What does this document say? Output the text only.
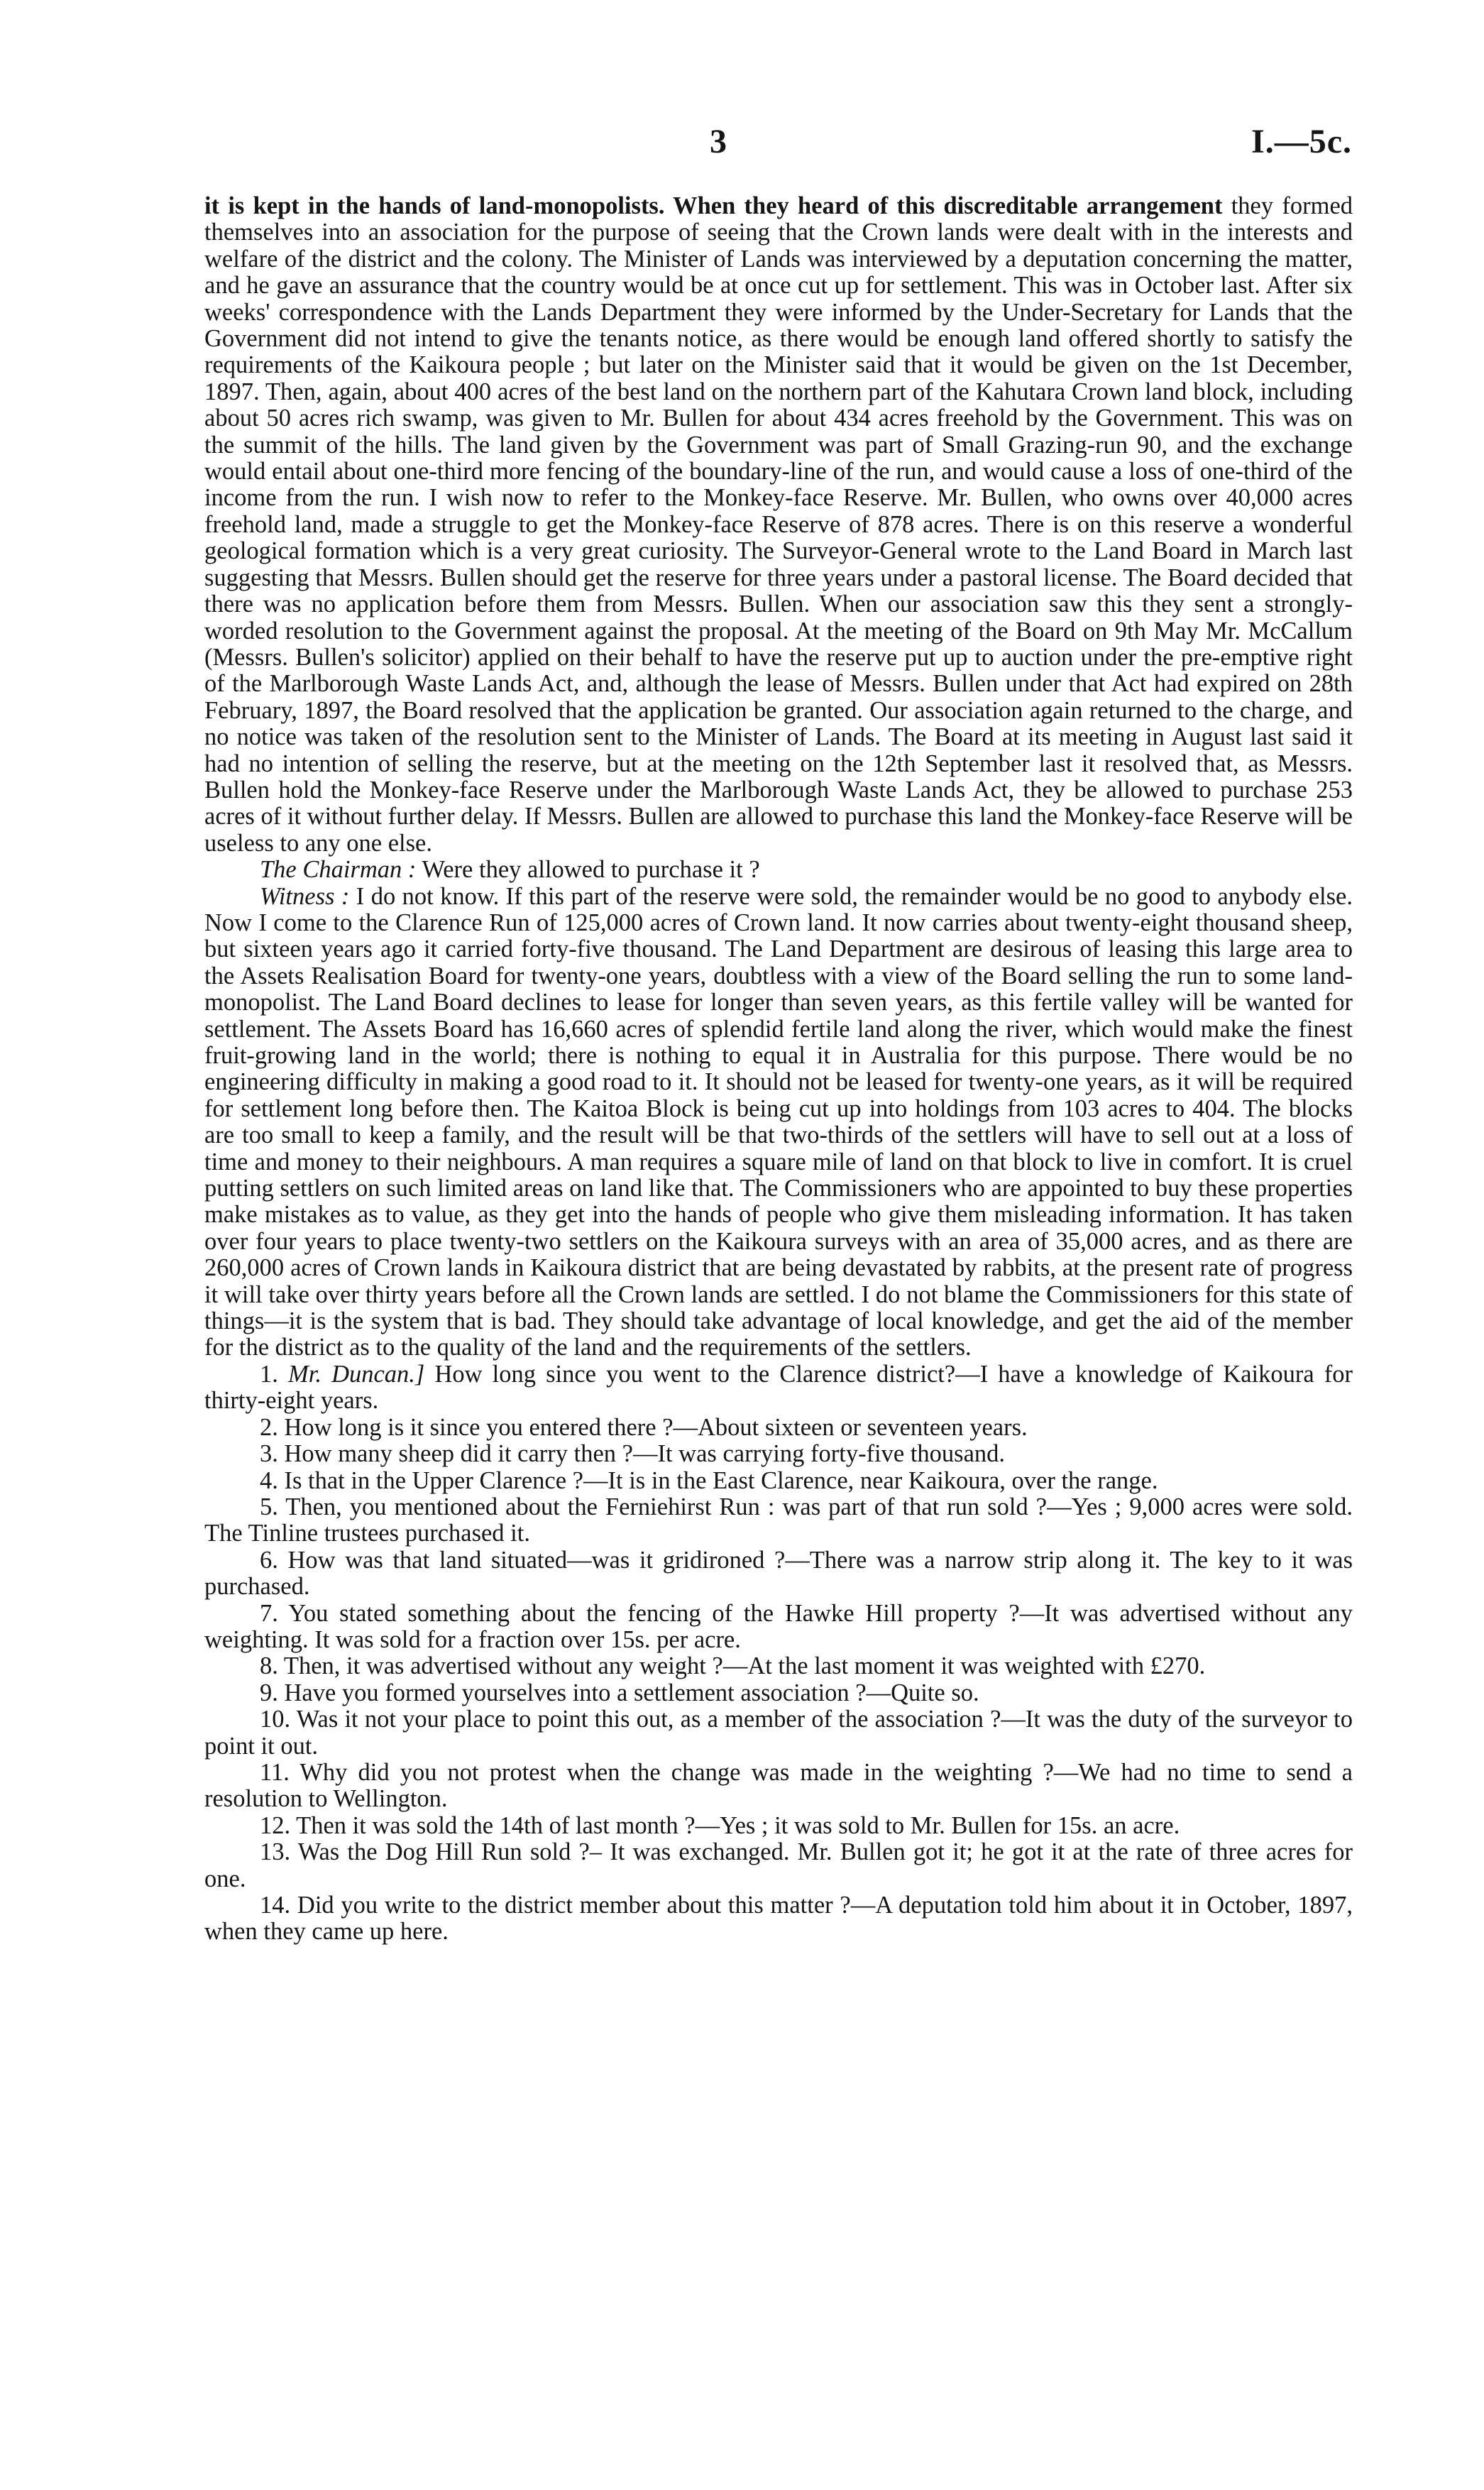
3	I.—5c.

it is kept in the hands of land-monopolists. When they heard of this discreditable arrangement they formed themselves into an association for the purpose of seeing that the Crown lands were dealt with in the interests and welfare of the district and the colony. The Minister of Lands was interviewed by a deputation concerning the matter, and he gave an assurance that the country would be at once cut up for settlement. This was in October last. After six weeks' correspondence with the Lands Department they were informed by the Under-Secretary for Lands that the Government did not intend to give the tenants notice, as there would be enough land offered shortly to satisfy the requirements of the Kaikoura people ; but later on the Minister said that it would be given on the 1st December, 1897. Then, again, about 400 acres of the best land on the northern part of the Kahutara Crown land block, including about 50 acres rich swamp, was given to Mr. Bullen for about 434 acres freehold by the Government. This was on the summit of the hills. The land given by the Government was part of Small Grazing-run 90, and the exchange would entail about one-third more fencing of the boundary-line of the run, and would cause a loss of one-third of the income from the run. I wish now to refer to the Monkey-face Reserve. Mr. Bullen, who owns over 40,000 acres freehold land, made a struggle to get the Monkey-face Reserve of 878 acres. There is on this reserve a wonderful geological formation which is a very great curiosity. The Surveyor-General wrote to the Land Board in March last suggesting that Messrs. Bullen should get the reserve for three years under a pastoral license. The Board decided that there was no application before them from Messrs. Bullen. When our association saw this they sent a strongly-worded resolution to the Government against the proposal. At the meeting of the Board on 9th May Mr. McCallum (Messrs. Bullen's solicitor) applied on their behalf to have the reserve put up to auction under the pre-emptive right of the Marlborough Waste Lands Act, and, although the lease of Messrs. Bullen under that Act had expired on 28th February, 1897, the Board resolved that the application be granted. Our association again returned to the charge, and no notice was taken of the resolution sent to the Minister of Lands. The Board at its meeting in August last said it had no intention of selling the reserve, but at the meeting on the 12th September last it resolved that, as Messrs. Bullen hold the Monkey-face Reserve under the Marlborough Waste Lands Act, they be allowed to purchase 253 acres of it without further delay. If Messrs. Bullen are allowed to purchase this land the Monkey-face Reserve will be useless to any one else.

The Chairman : Were they allowed to purchase it ?

Witness : I do not know. If this part of the reserve were sold, the remainder would be no good to anybody else. Now I come to the Clarence Run of 125,000 acres of Crown land. It now carries about twenty-eight thousand sheep, but sixteen years ago it carried forty-five thousand. The Land Department are desirous of leasing this large area to the Assets Realisation Board for twenty-one years, doubtless with a view of the Board selling the run to some land-monopolist. The Land Board declines to lease for longer than seven years, as this fertile valley will be wanted for settlement. The Assets Board has 16,660 acres of splendid fertile land along the river, which would make the finest fruit-growing land in the world; there is nothing to equal it in Australia for this purpose. There would be no engineering difficulty in making a good road to it. It should not be leased for twenty-one years, as it will be required for settlement long before then. The Kaitoa Block is being cut up into holdings from 103 acres to 404. The blocks are too small to keep a family, and the result will be that two-thirds of the settlers will have to sell out at a loss of time and money to their neighbours. A man requires a square mile of land on that block to live in comfort. It is cruel putting settlers on such limited areas on land like that. The Commissioners who are appointed to buy these properties make mistakes as to value, as they get into the hands of people who give them misleading information. It has taken over four years to place twenty-two settlers on the Kaikoura surveys with an area of 35,000 acres, and as there are 260,000 acres of Crown lands in Kaikoura district that are being devastated by rabbits, at the present rate of progress it will take over thirty years before all the Crown lands are settled. I do not blame the Commissioners for this state of things—it is the system that is bad. They should take advantage of local knowledge, and get the aid of the member for the district as to the quality of the land and the requirements of the settlers.

1. Mr. Duncan.] How long since you went to the Clarence district?—I have a knowledge of Kaikoura for thirty-eight years.

2. How long is it since you entered there ?—About sixteen or seventeen years.

3. How many sheep did it carry then ?—It was carrying forty-five thousand.

4. Is that in the Upper Clarence ?—It is in the East Clarence, near Kaikoura, over the range.

5. Then, you mentioned about the Ferniehirst Run : was part of that run sold ?—Yes ; 9,000 acres were sold. The Tinline trustees purchased it.

6. How was that land situated—was it gridironed ?—There was a narrow strip along it. The key to it was purchased.

7. You stated something about the fencing of the Hawke Hill property ?—It was advertised without any weighting. It was sold for a fraction over 15s. per acre.

8. Then, it was advertised without any weight ?—At the last moment it was weighted with £270.

9. Have you formed yourselves into a settlement association ?—Quite so.

10. Was it not your place to point this out, as a member of the association ?—It was the duty of the surveyor to point it out.

11. Why did you not protest when the change was made in the weighting ?—We had no time to send a resolution to Wellington.

12. Then it was sold the 14th of last month ?—Yes ; it was sold to Mr. Bullen for 15s. an acre.

13. Was the Dog Hill Run sold ?– It was exchanged. Mr. Bullen got it; he got it at the rate of three acres for one.

14. Did you write to the district member about this matter ?—A deputation told him about it in October, 1897, when they came up here.
